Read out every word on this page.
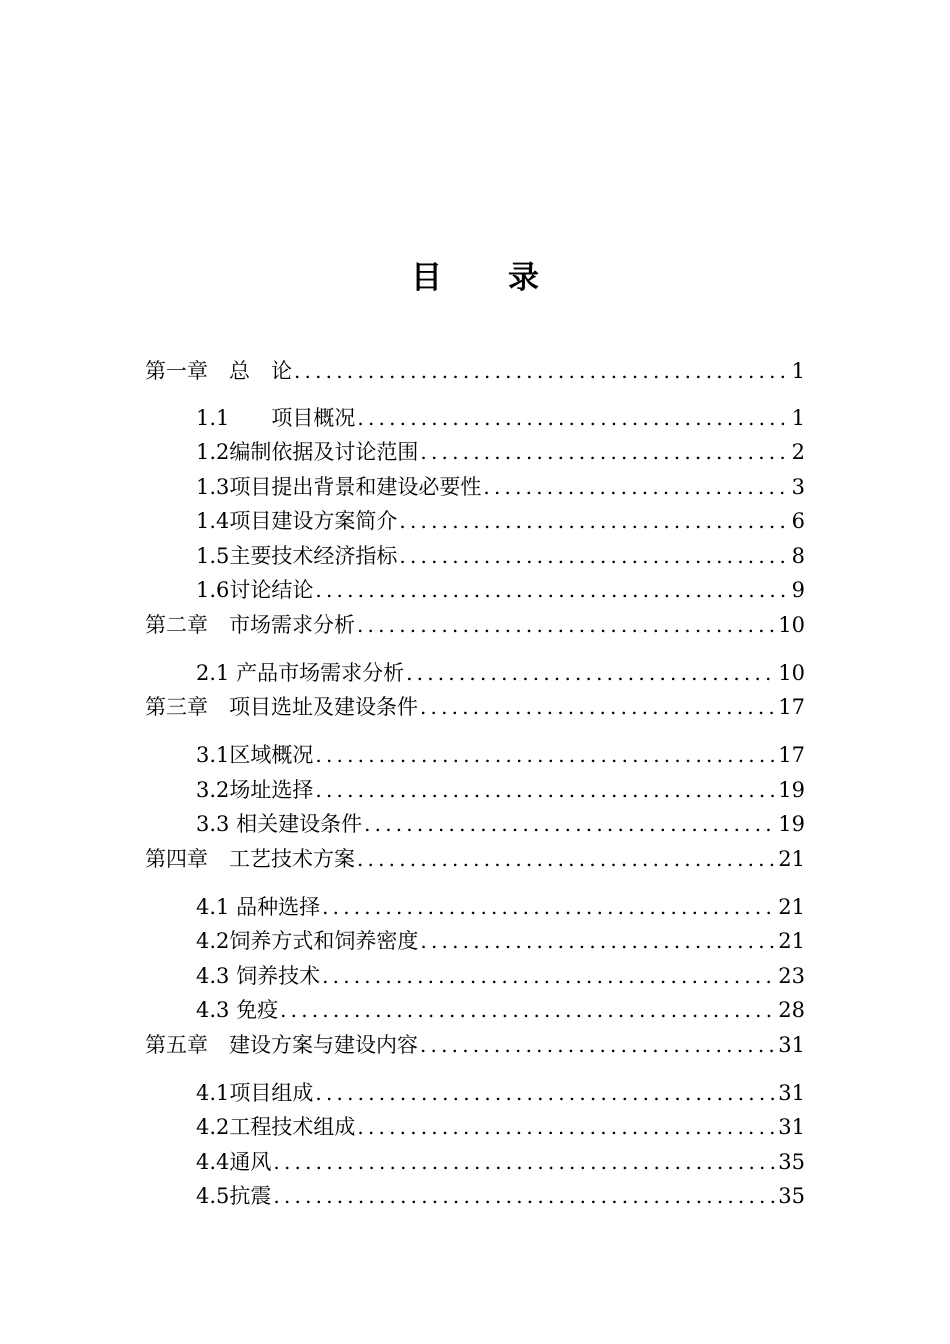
目 录
第一章　总　论 .....	1
1.1　　项目概况 .....	1
1.2编制依据及讨论范围 .....	2
1.3项目提出背景和建设必要性 .....	3
1.4项目建设方案简介 .....	6
1.5主要技术经济指标 .....	8
1.6讨论结论 .....	9
第二章　市场需求分析 .....	10
2.1 产品市场需求分析 .....	10
第三章　项目选址及建设条件 .....	17
3.1区域概况 .....	17
3.2场址选择 .....	19
3.3 相关建设条件 .....	19
第四章　工艺技术方案 .....	21
4.1 品种选择 .....	21
4.2饲养方式和饲养密度 .....	21
4.3 饲养技术 .....	23
4.3 免疫 .....	28
第五章　建设方案与建设内容 .....	31
4.1项目组成 .....	31
4.2工程技术组成 .....	31
4.4通风 .....	35
4.5抗震 .....	35
